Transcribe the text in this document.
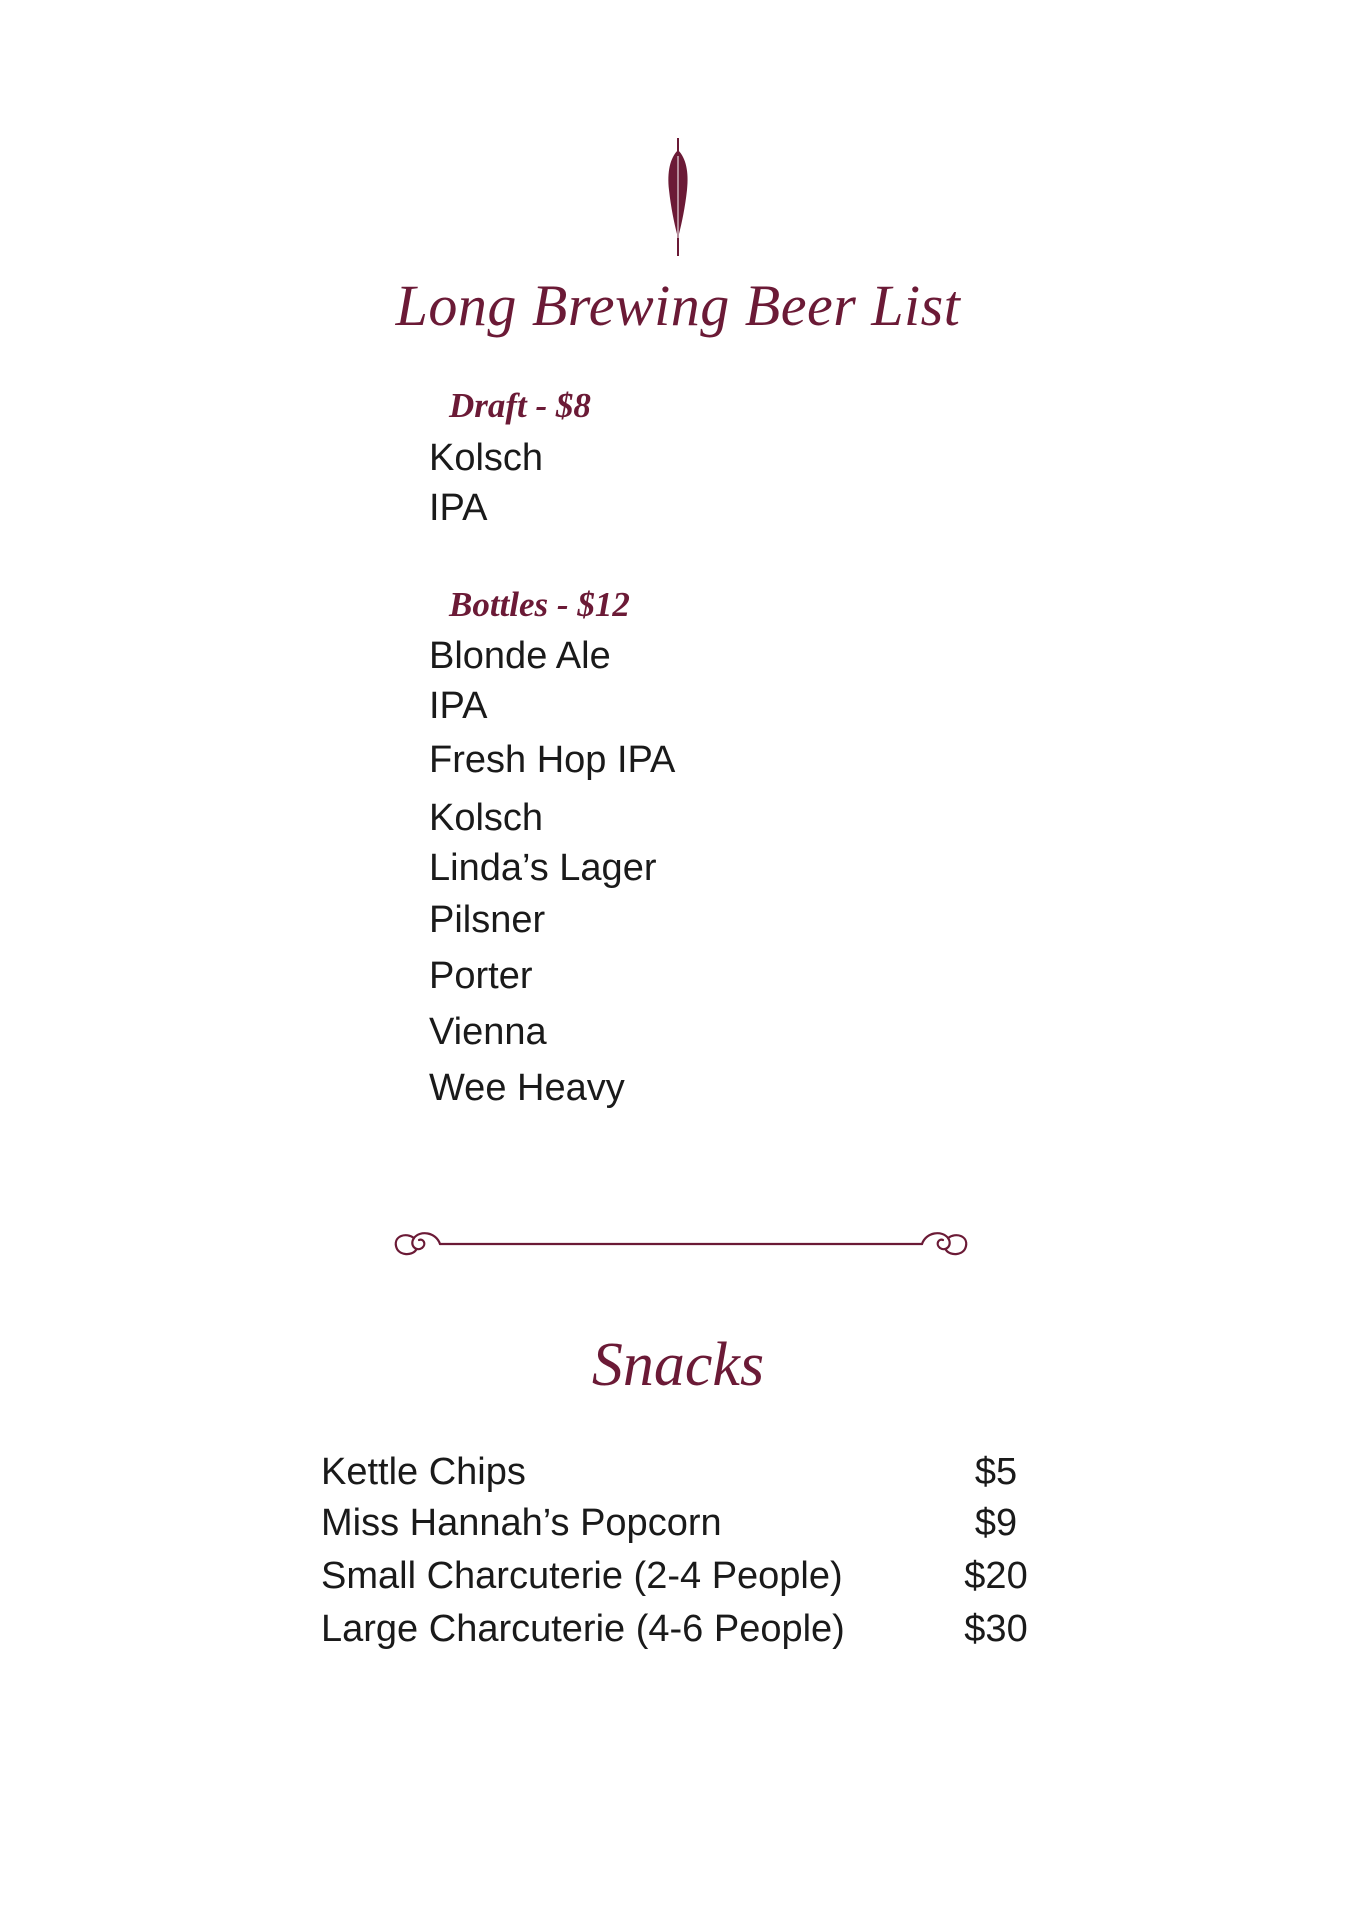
Long Brewing Beer List
Draft - $8
Kolsch
IPA
Bottles - $12
Blonde Ale
IPA
Fresh Hop IPA
Kolsch
Linda’s Lager
Pilsner
Porter
Vienna
Wee Heavy
Snacks
Kettle Chips	$5
Miss Hannah’s Popcorn	$9
Small Charcuterie (2-4 People)	$20
Large Charcuterie (4-6 People)	$30
